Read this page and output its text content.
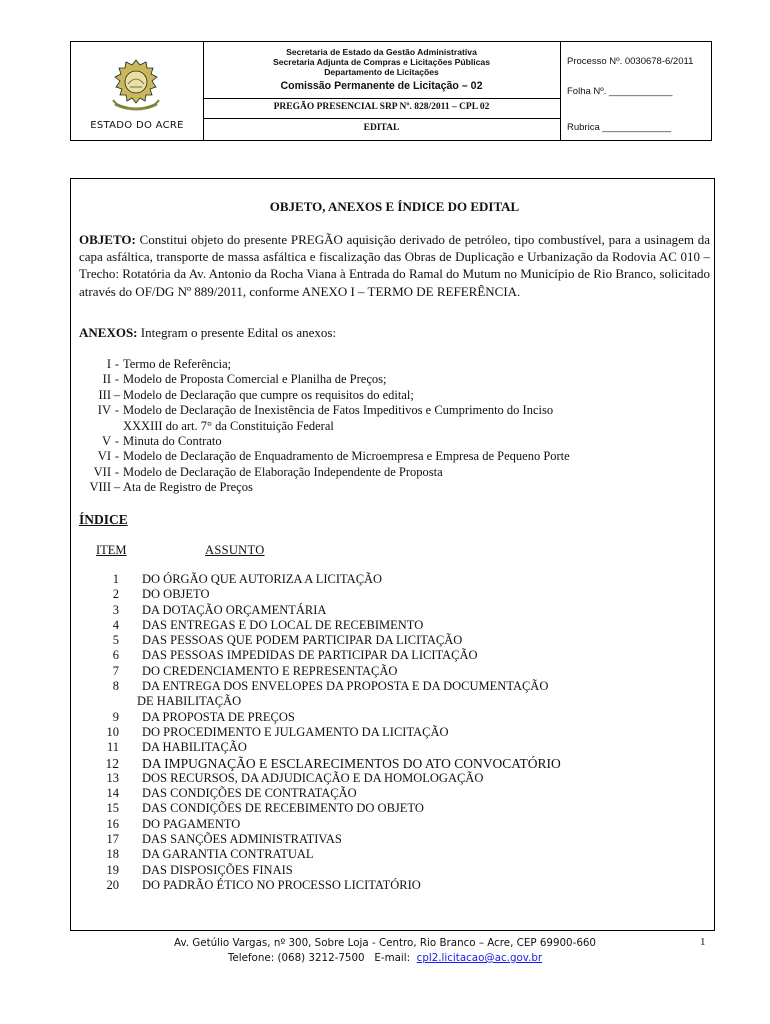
ESTADO DO ACRE
Secretaria de Estado da Gestão Administrativa
Secretaria Adjunta de Compras e Licitações Públicas
Departamento de Licitações
Comissão Permanente de Licitação – 02
PREGÃO PRESENCIAL SRP Nº. 828/2011 – CPL 02
EDITAL
Processo Nº. 0030678-6/2011
Folha Nº. ____________
Rubrica _____________
OBJETO, ANEXOS E ÍNDICE DO EDITAL
OBJETO: Constitui objeto do presente PREGÃO aquisição derivado de petróleo, tipo combustível, para a usinagem da capa asfáltica, transporte de massa asfáltica e fiscalização das Obras de Duplicação e Urbanização da Rodovia AC 010 – Trecho: Rotatória da Av. Antonio da Rocha Viana à Entrada do Ramal do Mutum no Município de Rio Branco, solicitado através do OF/DG Nº 889/2011, conforme ANEXO I – TERMO DE REFERÊNCIA.
ANEXOS: Integram o presente Edital os anexos:
I - Termo de Referência;
II - Modelo de Proposta Comercial e Planilha de Preços;
III – Modelo de Declaração que cumpre os requisitos do edital;
IV - Modelo de Declaração de Inexistência de Fatos Impeditivos e Cumprimento do Inciso
XXXIII do art. 7° da Constituição Federal
V - Minuta do Contrato
VI - Modelo de Declaração de Enquadramento de Microempresa e Empresa de Pequeno Porte
VII - Modelo de Declaração de Elaboração Independente de Proposta
VIII – Ata de Registro de Preços
ÍNDICE
ITEM	ASSUNTO
1	DO ÓRGÃO QUE AUTORIZA A LICITAÇÃO
2	DO OBJETO
3	DA DOTAÇÃO ORÇAMENTÁRIA
4	DAS ENTREGAS E DO LOCAL DE RECEBIMENTO
5	DAS PESSOAS QUE PODEM PARTICIPAR DA LICITAÇÃO
6	DAS PESSOAS IMPEDIDAS DE PARTICIPAR DA LICITAÇÃO
7	DO CREDENCIAMENTO E REPRESENTAÇÃO
8	DA ENTREGA DOS ENVELOPES DA PROPOSTA E DA DOCUMENTAÇÃO
DE HABILITAÇÃO
9	DA PROPOSTA DE PREÇOS
10	DO PROCEDIMENTO E JULGAMENTO DA LICITAÇÃO
11	DA HABILITAÇÃO
12	DA IMPUGNAÇÃO E ESCLARECIMENTOS DO ATO CONVOCATÓRIO
13	DOS RECURSOS, DA ADJUDICAÇÃO E DA HOMOLOGAÇÃO
14	DAS CONDIÇÕES DE CONTRATAÇÃO
15	DAS CONDIÇÕES DE RECEBIMENTO DO OBJETO
16	DO PAGAMENTO
17	DAS SANÇÕES ADMINISTRATIVAS
18	DA GARANTIA CONTRATUAL
19	DAS DISPOSIÇÕES FINAIS
20	DO PADRÃO ÉTICO NO PROCESSO LICITATÓRIO
Av. Getúlio Vargas, nº 300, Sobre Loja - Centro, Rio Branco – Acre, CEP 69900-660
Telefone: (068) 3212-7500   E-mail:  cpl2.licitacao@ac.gov.br
1
